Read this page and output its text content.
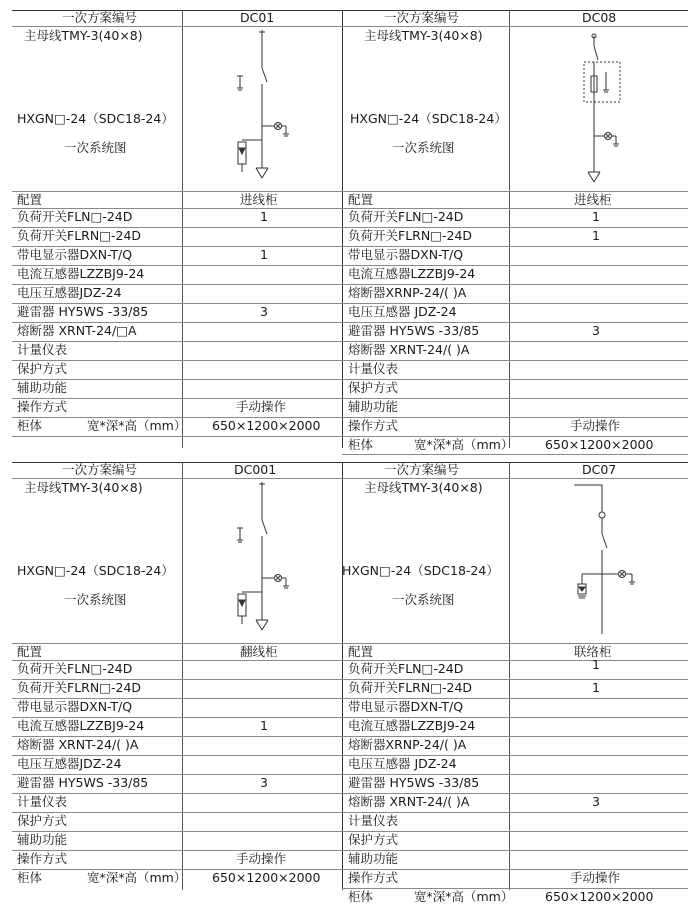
一次方案编号	DC01
主母线TMY-3(40×8)
HXGN□-24（SDC18-24）
一次系统图
配置	进线柜
负荷开关FLN□-24D	1
负荷开关FLRN□-24D
带电显示器DXN-T/Q	1
电流互感器LZZBJ9-24
电压互感器JDZ-24
避雷器 HY5WS -33/85	3
熔断器 XRNT-24/□A
计量仪表
保护方式
辅助功能
操作方式	手动操作
柜体	宽*深*高（mm） 650×1200×2000
一次方案编号	DC08
主母线TMY-3(40×8)
HXGN□-24（SDC18-24）
一次系统图
配置	进线柜
负荷开关FLN□-24D	1
负荷开关FLRN□-24D	1
带电显示器DXN-T/Q
电流互感器LZZBJ9-24
熔断器XRNP-24/( )A
电压互感器 JDZ-24
避雷器 HY5WS -33/85	3
熔断器 XRNT-24/( )A
计量仪表
保护方式
辅助功能
操作方式	手动操作
柜体	宽*深*高（mm）	650×1200×2000
一次方案编号	DC001
主母线TMY-3(40×8)
HXGN□-24（SDC18-24）
一次系统图
配置	翻线柜
负荷开关FLN□-24D
负荷开关FLRN□-24D
带电显示器DXN-T/Q
电流互感器LZZBJ9-24	1
熔断器 XRNT-24/( )A
电压互感器JDZ-24
避雷器 HY5WS -33/85	3
计量仪表
保护方式
辅助功能
操作方式	手动操作
柜体	宽*深*高（mm） 650×1200×2000
一次方案编号	DC07
主母线TMY-3(40×8)
HXGN□-24（SDC18-24）
一次系统图
配置	联络柜
负荷开关FLN□-24D	1
负荷开关FLRN□-24D	1
带电显示器DXN-T/Q
电流互感器LZZBJ9-24
熔断器XRNP-24/( )A
电压互感器 JDZ-24
避雷器 HY5WS -33/85
熔断器 XRNT-24/( )A	3
计量仪表
保护方式
辅助功能
操作方式	手动操作
柜体	宽*深*高（mm）	650×1200×2000
